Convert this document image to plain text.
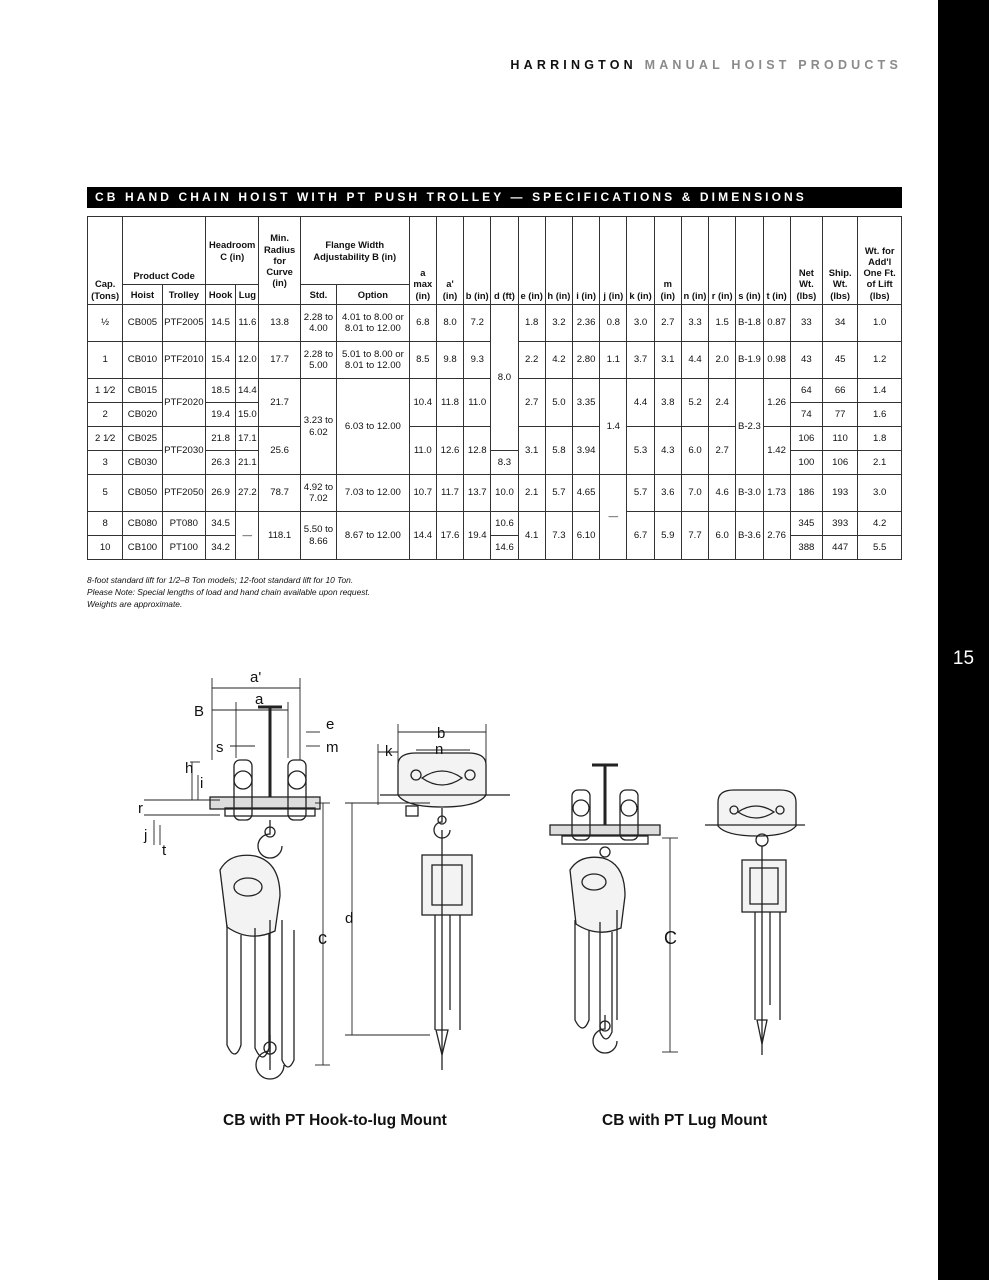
15
HARRINGTON MANUAL HOIST PRODUCTS
CB HAND CHAIN HOIST WITH PT PUSH TROLLEY — SPECIFICATIONS & DIMENSIONS
Cap. (Tons)	Product Code		Headroom C (in)		Min. Radius for Curve (in)	Flange Width Adjustability B (in)		a max (in)	a' (in)	b (in)	d (ft)	e (in)	h (in)	i (in)	j (in)	k (in)	m (in)	n (in)	r (in)	s (in)	t (in)	Net Wt. (lbs)	Ship. Wt. (lbs)	Wt. for Add'l One Ft. of Lift (lbs)
	Hoist	Trolley	Hook	Lug		Std.	Option																	
½	CB005	PTF2005	14.5	11.6	13.8	2.28 to 4.00	4.01 to 8.00 or 8.01 to 12.00	6.8	8.0	7.2	8.0	1.8	3.2	2.36	0.8	3.0	2.7	3.3	1.5	B-1.8	0.87	33	34	1.0
1	CB010	PTF2010	15.4	12.0	17.7	2.28 to 5.00	5.01 to 8.00 or 8.01 to 12.00	8.5	9.8	9.3		2.2	4.2	2.80	1.1	3.7	3.1	4.4	2.0	B-1.9	0.98	43	45	1.2
1 1⁄2	CB015	PTF2020	18.5	14.4	21.7	3.23 to 6.02	6.03 to 12.00	10.4	11.8	11.0		2.7	5.0	3.35	1.4	4.4	3.8	5.2	2.4	B-2.3	1.26	64	66	1.4
2	CB020		19.4	15.0																		74	77	1.6
2 1⁄2	CB025	PTF2030	21.8	17.1	25.6			11.0	12.6	12.8		3.1	5.8	3.94		5.3	4.3	6.0	2.7		1.42	106	110	1.8
3	CB030		26.3	21.1							8.3											100	106	2.1
5	CB050	PTF2050	26.9	27.2	78.7	4.92 to 7.02	7.03 to 12.00	10.7	11.7	13.7	10.0	2.1	5.7	4.65	—	5.7	3.6	7.0	4.6	B-3.0	1.73	186	193	3.0
8	CB080	PT080	34.5	—	118.1	5.50 to 8.66	8.67 to 12.00	14.4	17.6	19.4	10.6	4.1	7.3	6.10		6.7	5.9	7.7	6.0	B-3.6	2.76	345	393	4.2
10	CB100	PT100	34.2								14.6											388	447	5.5
8-foot standard lift for 1/2–8 Ton models; 12-foot standard lift for 10 Ton.
Please Note: Special lengths of load and hand chain available upon request.
Weights are approximate.
a'
a
B
e
s	m
h
i
r
j
t
b
n
k
d
c	C
CB with PT Hook-to-lug Mount	CB with PT Lug Mount
